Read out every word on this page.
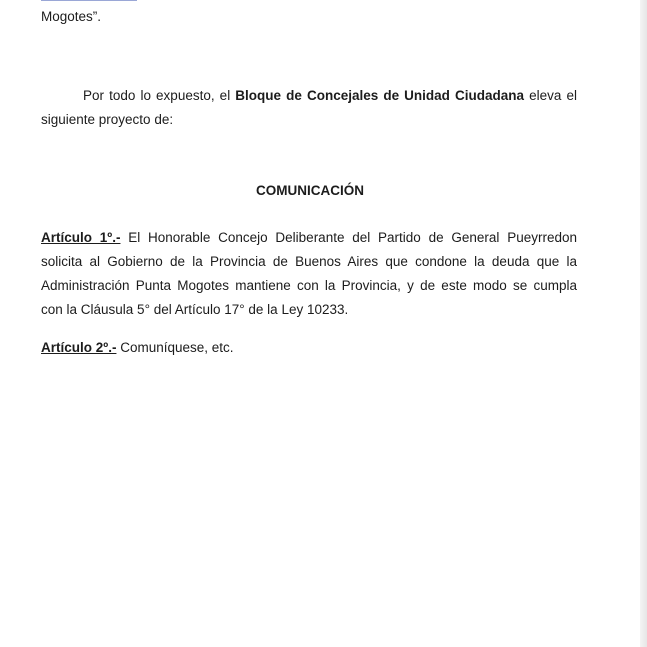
Mogotes”.
Por todo lo expuesto, el Bloque de Concejales de Unidad Ciudadana eleva el
siguiente proyecto de:
COMUNICACIÓN
Artículo 1º.- El Honorable Concejo Deliberante del Partido de General Pueyrredon
solicita al Gobierno de la Provincia de Buenos Aires que condone la deuda que la
Administración Punta Mogotes mantiene con la Provincia, y de este modo se cumpla
con la Cláusula 5° del Artículo 17° de la Ley 10233.
Artículo 2º.- Comuníquese, etc.
